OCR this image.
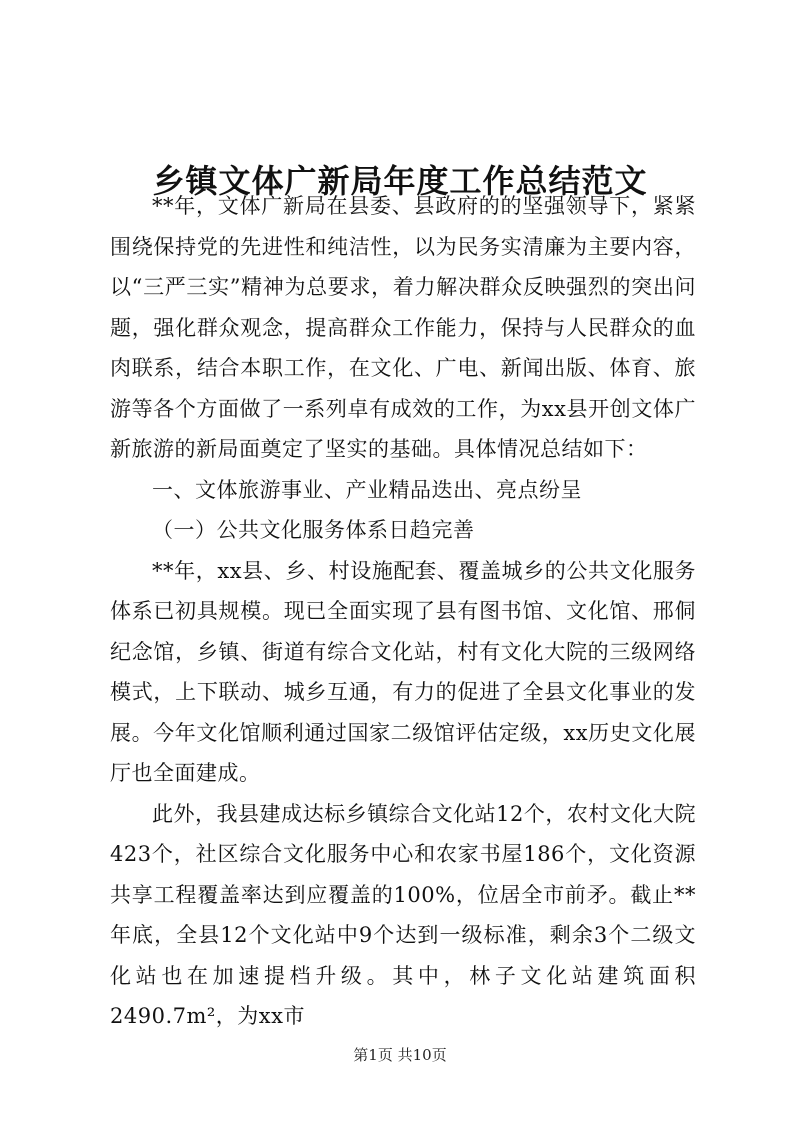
乡镇文体广新局年度工作总结范文

**年，文体广新局在县委、县政府的的坚强领导下，紧紧围绕保持党的先进性和纯洁性，以为民务实清廉为主要内容，以“三严三实”精神为总要求，着力解决群众反映强烈的突出问题，强化群众观念，提高群众工作能力，保持与人民群众的血肉联系，结合本职工作，在文化、广电、新闻出版、体育、旅游等各个方面做了一系列卓有成效的工作，为xx县开创文体广新旅游的新局面奠定了坚实的基础。具体情况总结如下：

一、文体旅游事业、产业精品迭出、亮点纷呈

（一）公共文化服务体系日趋完善

**年，xx县、乡、村设施配套、覆盖城乡的公共文化服务体系已初具规模。现已全面实现了县有图书馆、文化馆、邢侗纪念馆，乡镇、街道有综合文化站，村有文化大院的三级网络模式，上下联动、城乡互通，有力的促进了全县文化事业的发展。今年文化馆顺利通过国家二级馆评估定级，xx历史文化展厅也全面建成。

此外，我县建成达标乡镇综合文化站12个，农村文化大院423个，社区综合文化服务中心和农家书屋186个，文化资源共享工程覆盖率达到应覆盖的100%，位居全市前矛。截止**年底，全县12个文化站中9个达到一级标准，剩余3个二级文化站也在加速提档升级。其中，林子文化站建筑面积2490.7m²，为xx市

第1页 共10页
